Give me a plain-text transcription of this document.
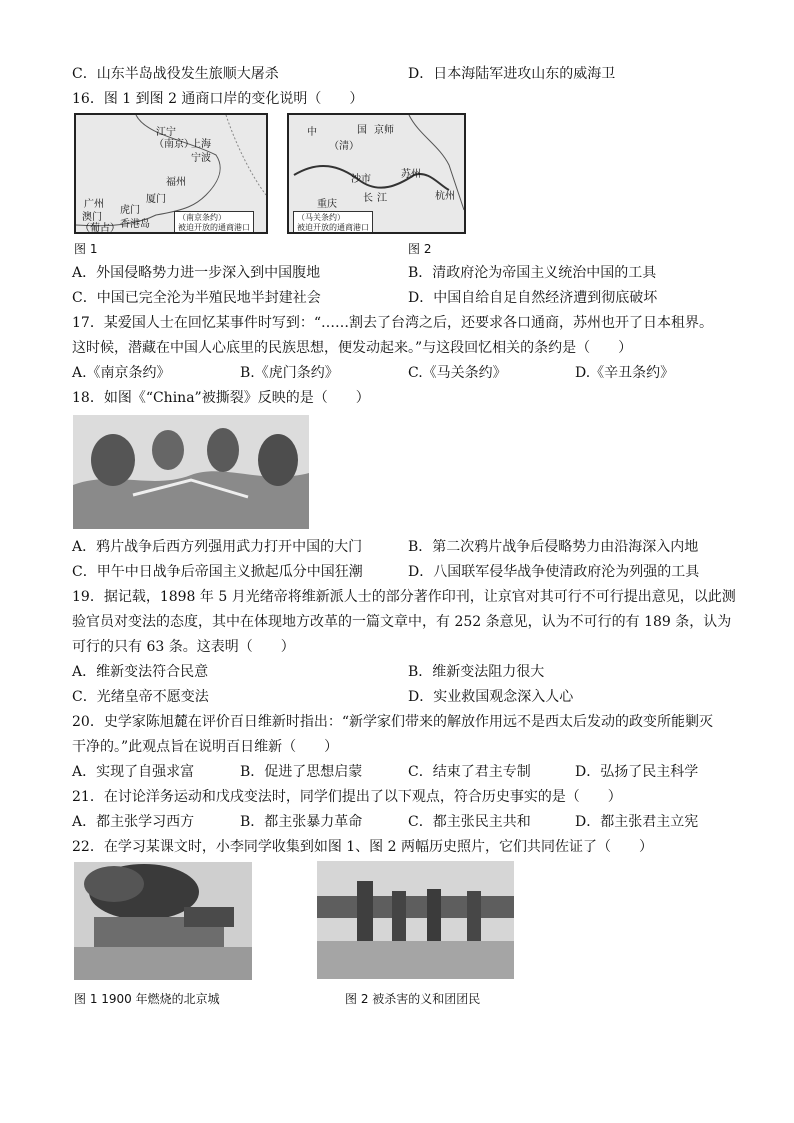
C．山东半岛战役发生旅顺大屠杀	D．日本海陆军进攻山东的威海卫
16．图 1 到图 2 通商口岸的变化说明（　　）
江宁
（南京）
上海
宁波
福州
厦门
广州
虎门
澳门
（葡占） 香港岛
（南京条约）
被迫开放的通商港口
中	国 京师
（清）
苏州
沙市
江
长
重庆
杭州
（马关条约）
被迫开放的通商港口
图 1	图 2
A．外国侵略势力进一步深入到中国腹地	B．清政府沦为帝国主义统治中国的工具
C．中国已完全沦为半殖民地半封建社会	D．中国自给自足自然经济遭到彻底破坏
17．某爱国人士在回忆某事件时写到：“……割去了台湾之后，还要求各口通商，苏州也开了日本租界。
这时候，潜藏在中国人心底里的民族思想，便发动起来。”与这段回忆相关的条约是（　　）
A.《南京条约》	B.《虎门条约》	C.《马关条约》	D.《辛丑条约》
18．如图《“China”被撕裂》反映的是（　　）
A．鸦片战争后西方列强用武力打开中国的大门	B．第二次鸦片战争后侵略势力由沿海深入内地
C．甲午中日战争后帝国主义掀起瓜分中国狂潮	D．八国联军侵华战争使清政府沦为列强的工具
19．据记载，1898 年 5 月光绪帝将维新派人士的部分著作印刊，让京官对其可行不可行提出意见，以此测
验官员对变法的态度，其中在体现地方改革的一篇文章中，有 252 条意见，认为不可行的有 189 条，认为
可行的只有 63 条。这表明（　　）
A．维新变法符合民意	B．维新变法阻力很大
C．光绪皇帝不愿变法	D．实业救国观念深入人心
20．史学家陈旭麓在评价百日维新时指出：“新学家们带来的解放作用远不是西太后发动的政变所能剿灭
干净的。”此观点旨在说明百日维新（　　）
A．实现了自强求富	B．促进了思想启蒙	C．结束了君主专制	D．弘扬了民主科学
21．在讨论洋务运动和戊戌变法时，同学们提出了以下观点，符合历史事实的是（　　）
A．都主张学习西方	B．都主张暴力革命	C．都主张民主共和	D．都主张君主立宪
22．在学习某课文时，小李同学收集到如图 1、图 2 两幅历史照片，它们共同佐证了（　　）
图 1 1900 年燃烧的北京城	图 2 被杀害的义和团团民
